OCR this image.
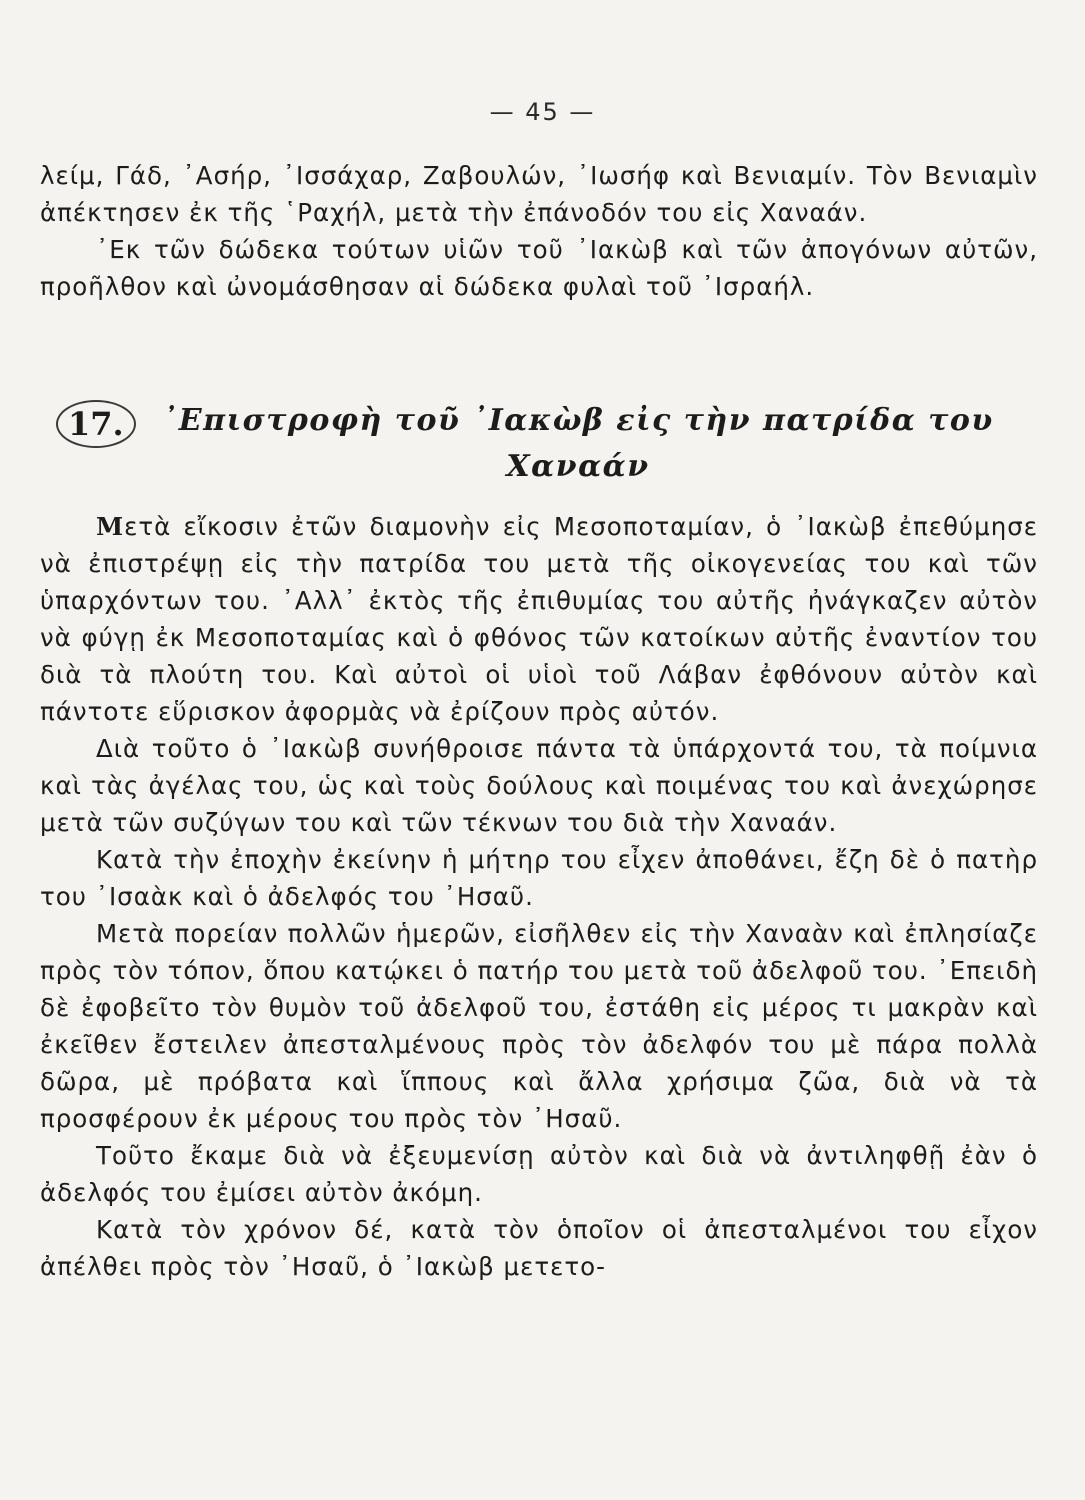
— 45 —

λείμ, Γάδ, ᾿Ασήρ, ᾿Ισσάχαρ, Ζαβουλών, ᾿Ιωσήφ καὶ Βενιαμίν. Τὸν Βενιαμὶν ἀπέκτησεν ἐκ τῆς ῾Ραχήλ, μετὰ τὴν ἐπάνοδόν του εἰς Χαναάν.

᾿Εκ τῶν δώδεκα τούτων υἱῶν τοῦ ᾿Ιακὼβ καὶ τῶν ἀπογόνων αὐτῶν, προῆλθον καὶ ὠνομάσθησαν αἱ δώδεκα φυλαὶ τοῦ ᾿Ισραήλ.

17.	᾿Επιστροφὴ τοῦ ᾿Ιακὼβ εἰς τὴν πατρίδα του Χαναάν

Μετὰ εἴκοσιν ἐτῶν διαμονὴν εἰς Μεσοποταμίαν, ὁ ᾿Ιακὼβ ἐπεθύμησε νὰ ἐπιστρέψῃ εἰς τὴν πατρίδα του μετὰ τῆς οἰκογενείας του καὶ τῶν ὑπαρχόντων του. ᾿Αλλ᾿ ἐκτὸς τῆς ἐπιθυμίας του αὐτῆς ἠνάγκαζεν αὐτὸν νὰ φύγῃ ἐκ Μεσοποταμίας καὶ ὁ φθόνος τῶν κατοίκων αὐτῆς ἐναντίον του διὰ τὰ πλούτη του. Καὶ αὐτοὶ οἱ υἱοὶ τοῦ Λάβαν ἐφθόνουν αὐτὸν καὶ πάντοτε εὕρισκον ἀφορμὰς νὰ ἐρίζουν πρὸς αὐτόν.

Διὰ τοῦτο ὁ ᾿Ιακὼβ συνήθροισε πάντα τὰ ὑπάρχοντά του, τὰ ποίμνια καὶ τὰς ἀγέλας του, ὡς καὶ τοὺς δούλους καὶ ποιμένας του καὶ ἀνεχώρησε μετὰ τῶν συζύγων του καὶ τῶν τέκνων του διὰ τὴν Χαναάν.

Κατὰ τὴν ἐποχὴν ἐκείνην ἡ μήτηρ του εἶχεν ἀποθάνει, ἔζη δὲ ὁ πατὴρ του ᾿Ισαὰκ καὶ ὁ ἀδελφός του ᾿Ησαῦ.

Μετὰ πορείαν πολλῶν ἡμερῶν, εἰσῆλθεν εἰς τὴν Χαναὰν καὶ ἐπλησίαζε πρὸς τὸν τόπον, ὅπου κατῴκει ὁ πατήρ του μετὰ τοῦ ἀδελφοῦ του. ᾿Επειδὴ δὲ ἐφοβεῖτο τὸν θυμὸν τοῦ ἀδελφοῦ του, ἐστάθη εἰς μέρος τι μακρὰν καὶ ἐκεῖθεν ἔστειλεν ἀπεσταλμένους πρὸς τὸν ἀδελφόν του μὲ πάρα πολλὰ δῶρα, μὲ πρόβατα καὶ ἵππους καὶ ἄλλα χρήσιμα ζῶα, διὰ νὰ τὰ προσφέρουν ἐκ μέρους του πρὸς τὸν ᾿Ησαῦ.

Τοῦτο ἔκαμε διὰ νὰ ἐξευμενίσῃ αὐτὸν καὶ διὰ νὰ ἀντιληφθῇ ἐὰν ὁ ἀδελφός του ἐμίσει αὐτὸν ἀκόμη.

Κατὰ τὸν χρόνον δέ, κατὰ τὸν ὁποῖον οἱ ἀπεσταλμένοι του εἶχον ἀπέλθει πρὸς τὸν ᾿Ησαῦ, ὁ ᾿Ιακὼβ μετετο-
